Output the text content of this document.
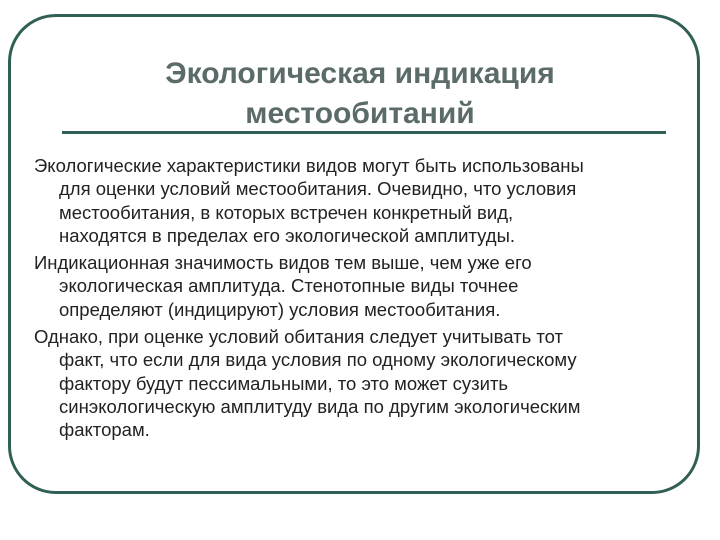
Экологическая индикация
местообитаний

Экологические характеристики видов могут быть использованы
для оценки условий местообитания. Очевидно, что условия
местообитания, в которых встречен конкретный вид,
находятся в пределах его экологической амплитуды.

Индикационная значимость видов тем выше, чем уже его
экологическая амплитуда. Стенотопные виды точнее
определяют (индицируют) условия местообитания.

Однако, при оценке условий обитания следует учитывать тот
факт, что если для вида условия по одному экологическому
фактору будут пессимальными, то это может сузить
синэкологическую амплитуду вида по другим экологическим
факторам.
